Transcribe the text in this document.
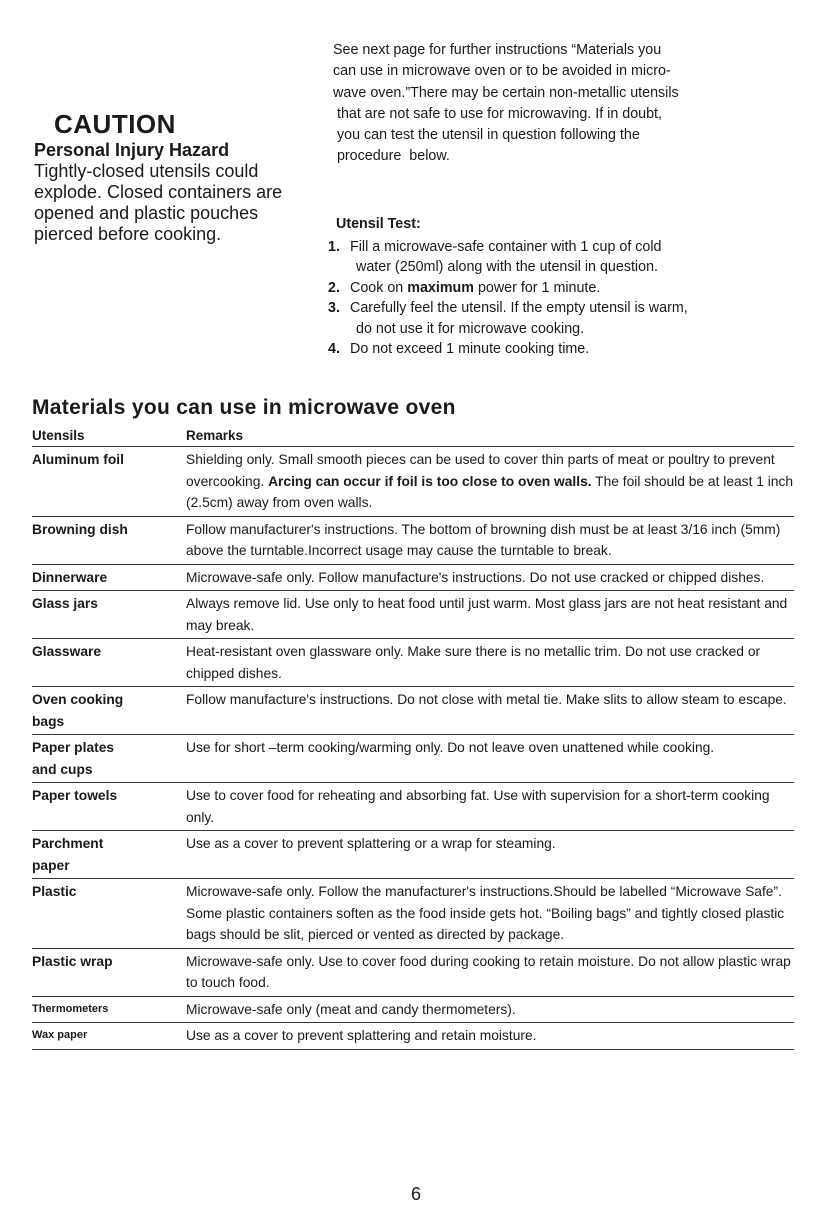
CAUTION
Personal Injury Hazard
Tightly-closed utensils could explode. Closed containers are opened and plastic pouches pierced before cooking.

See next page for further instructions “Materials you

can use in microwave oven or to be avoided in micro-

wave oven.”There may be certain non-metallic utensils

that are not safe to use for microwaving. If in doubt,

you can test the utensil in question following the

procedure  below.

Utensil Test:
1. Fill a microwave-safe container with 1 cup of cold
water (250ml) along with the utensil in question.
2. Cook on maximum power for 1 minute.
3. Carefully feel the utensil. If the empty utensil is warm,
do not use it for microwave cooking.
4. Do not exceed 1 minute cooking time.
Materials you can use in microwave oven
Utensils	Remarks
Aluminum foil	Shielding only. Small smooth pieces can be used to cover thin parts of meat or poultry to prevent overcooking. Arcing can occur if foil is too close to oven walls. The foil should be at least 1 inch (2.5cm) away from oven walls.
Browning dish	Follow manufacturer's instructions. The bottom of browning dish must be at least 3/16 inch (5mm) above the turntable.Incorrect usage may cause the turntable to break.
Dinnerware	Microwave-safe only. Follow manufacture's instructions. Do not use cracked or chipped dishes.
Glass jars	Always remove lid. Use only to heat food until just warm. Most glass jars are not heat resistant and may break.
Glassware	Heat-resistant oven glassware only. Make sure there is no metallic trim. Do not use cracked or chipped dishes.
Oven cooking
bags	Follow manufacture's instructions. Do not close with metal tie. Make slits to allow steam to escape.
Paper plates
and cups	Use for short –term cooking/warming only. Do not leave oven unattened while cooking.
Paper towels	Use to cover food for reheating and absorbing fat. Use with supervision for a short-term cooking only.
Parchment
paper	Use as a cover to prevent splattering or a wrap for steaming.
Plastic	Microwave-safe only. Follow the manufacturer's instructions.Should be labelled “Microwave Safe”. Some plastic containers soften as the food inside gets hot. “Boiling bags” and tightly closed plastic bags should be slit, pierced or vented as directed by package.
Plastic wrap	Microwave-safe only. Use to cover food during cooking to retain moisture. Do not allow plastic wrap to touch food.
Thermometers	Microwave-safe only (meat and candy thermometers).
Wax paper	Use as a cover to prevent splattering and retain moisture.
6
